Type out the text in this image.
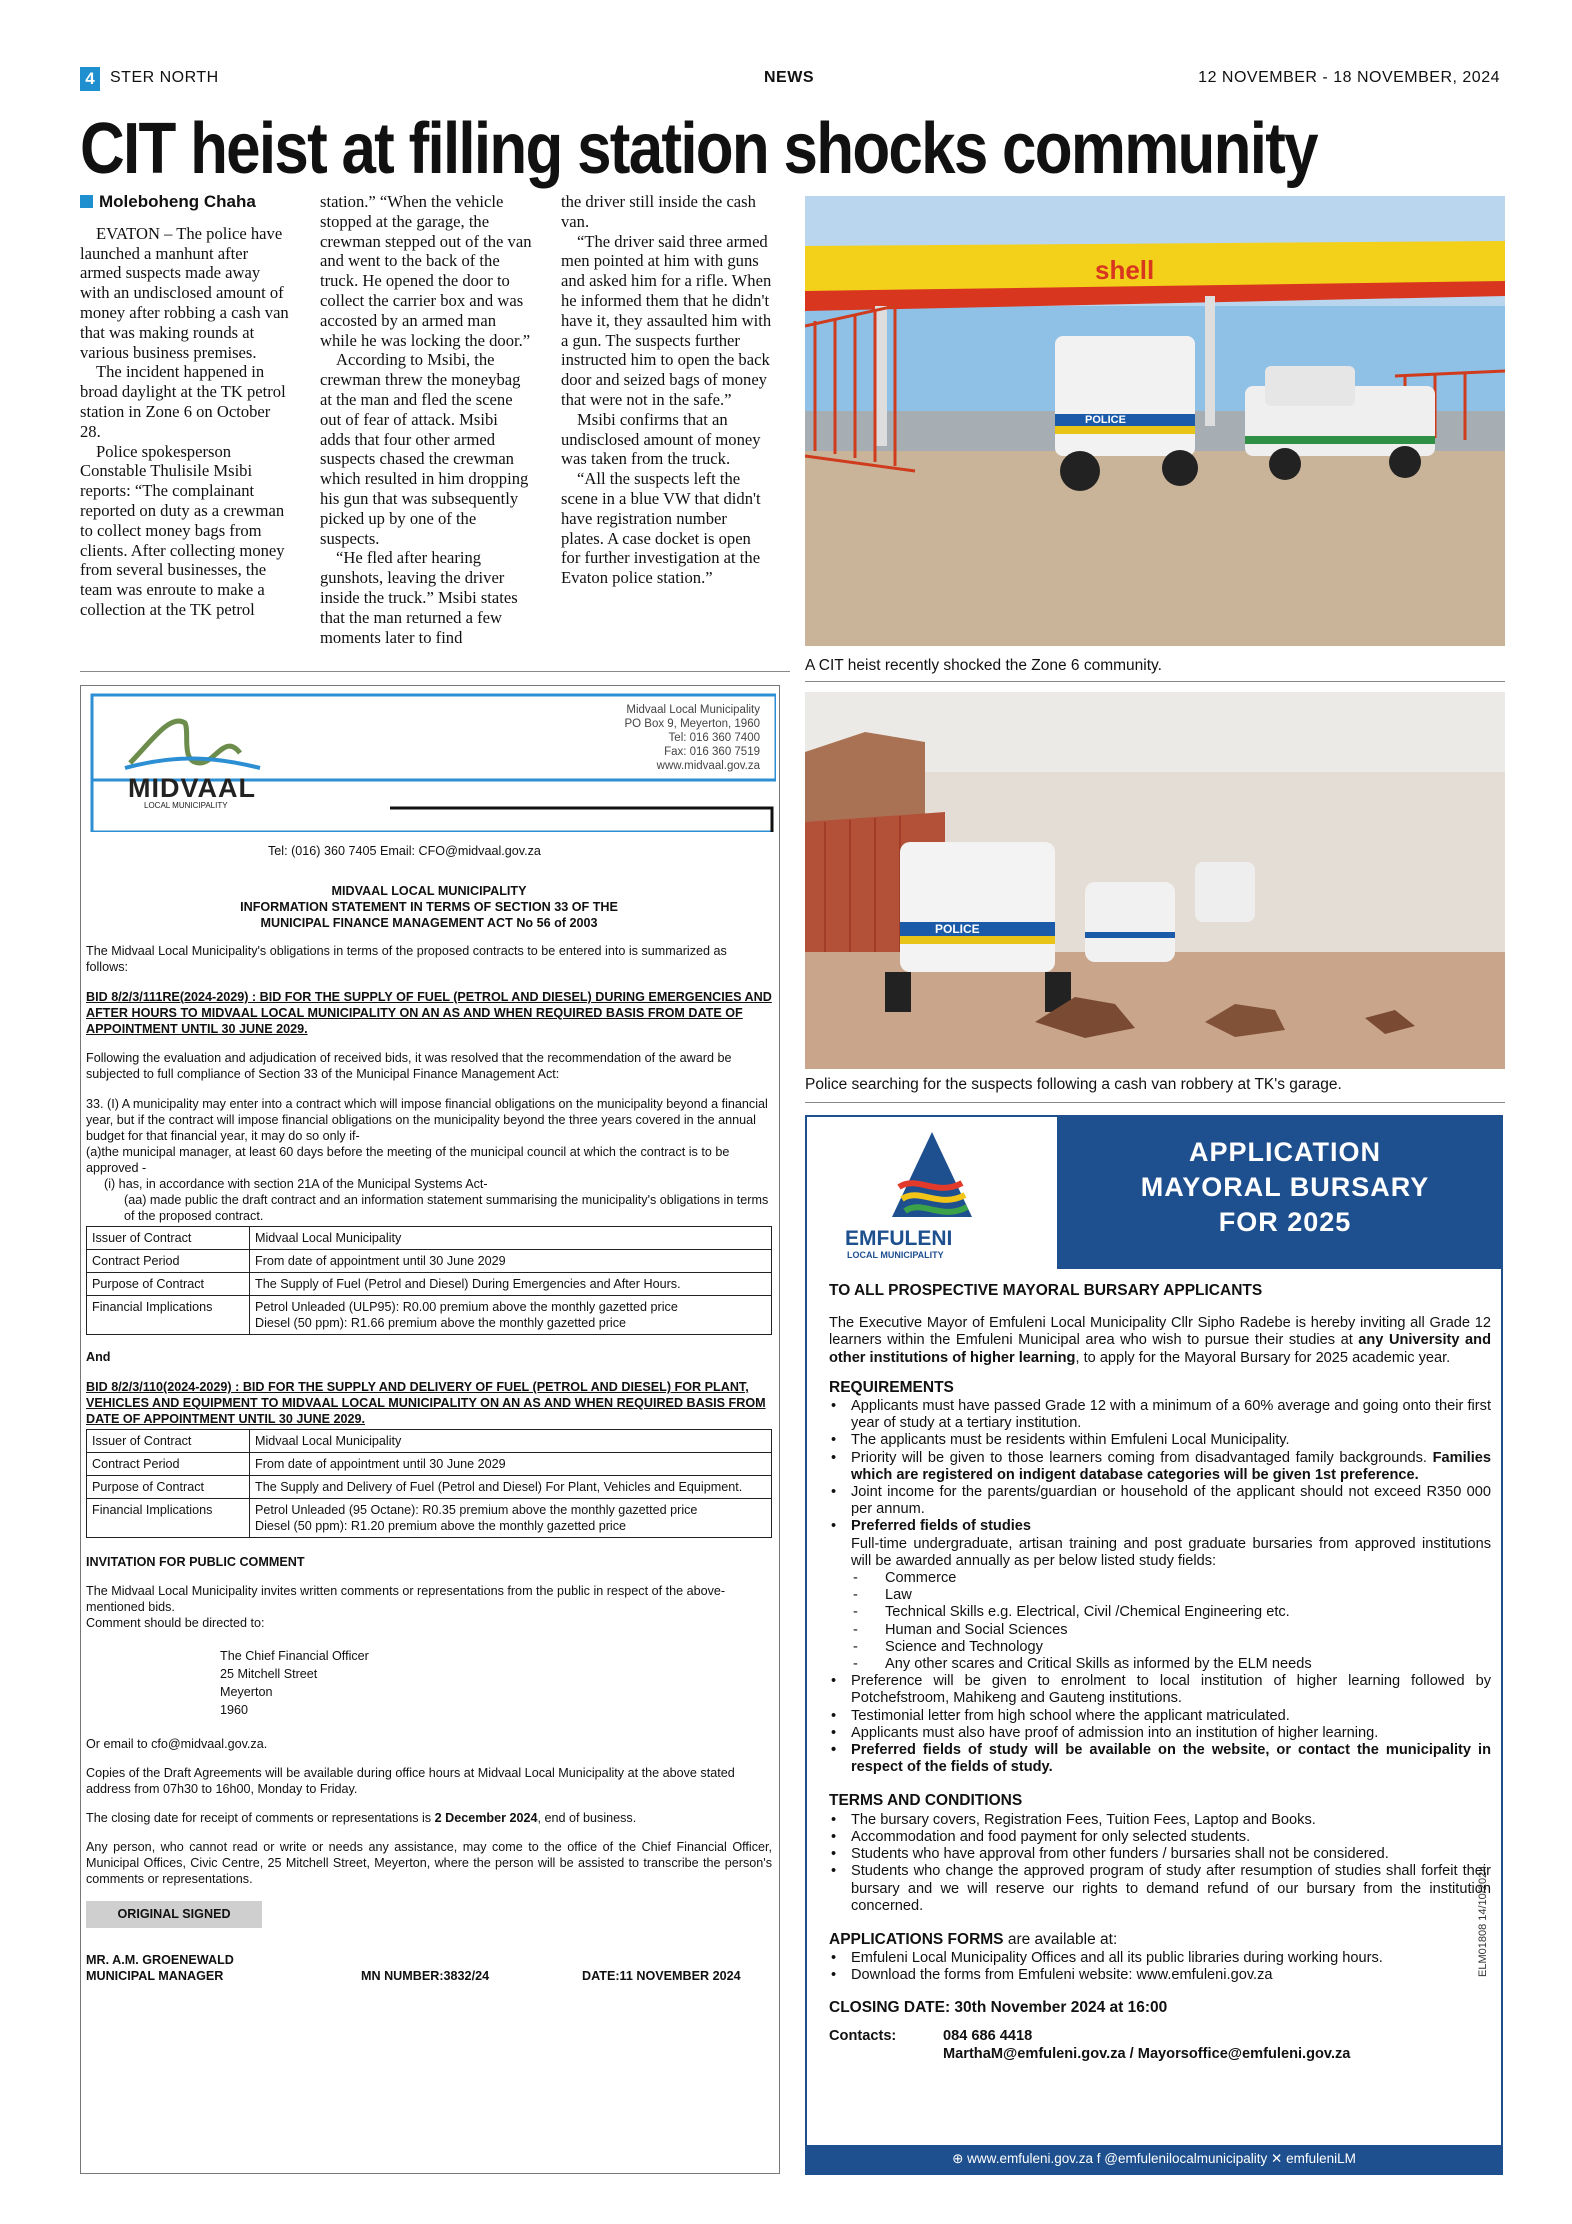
4 STER NORTH	NEWS	12 NOVEMBER - 18 NOVEMBER, 2024
CIT heist at filling station shocks community

Moleboheng Chaha

EVATON – The police have launched a manhunt after armed suspects made away with an undisclosed amount of money after robbing a cash van that was making rounds at various business premises.

The incident happened in broad daylight at the TK petrol station in Zone 6 on October 28.

Police spokesperson Constable Thulisile Msibi reports: “The complainant reported on duty as a crewman to collect money bags from clients. After collecting money from several businesses, the team was enroute to make a collection at the TK petrol

station.” “When the vehicle stopped at the garage, the crewman stepped out of the van and went to the back of the truck. He opened the door to collect the carrier box and was accosted by an armed man while he was locking the door.”

According to Msibi, the crewman threw the moneybag at the man and fled the scene out of fear of attack. Msibi adds that four other armed suspects chased the crewman which resulted in him dropping his gun that was subsequently picked up by one of the suspects.

“He fled after hearing gunshots, leaving the driver inside the truck.” Msibi states that the man returned a few moments later to find

the driver still inside the cash van.

“The driver said three armed men pointed at him with guns and asked him for a rifle. When he informed them that he didn't have it, they assaulted him with a gun. The suspects further instructed him to open the back door and seized bags of money that were not in the safe.”

Msibi confirms that an undisclosed amount of money was taken from the truck.

“All the suspects left the scene in a blue VW that didn't have registration number plates. A case docket is open for further investigation at the Evaton police station.”

shell
POLICE
A CIT heist recently shocked the Zone 6 community.
POLICE
Police searching for the suspects following a cash van robbery at TK's garage.
MIDVAAL
LOCAL MUNICIPALITY
Midvaal Local Municipality
PO Box 9, Meyerton, 1960
Tel: 016 360 7400
Fax: 016 360 7519
www.midvaal.gov.za
Tel: (016) 360 7405 Email: CFO@midvaal.gov.za
MIDVAAL LOCAL MUNICIPALITY
INFORMATION STATEMENT IN TERMS OF SECTION 33 OF THE
MUNICIPAL FINANCE MANAGEMENT ACT No 56 of 2003
The Midvaal Local Municipality's obligations in terms of the proposed contracts to be entered into is summarized as follows:
BID 8/2/3/111RE(2024-2029) : BID FOR THE SUPPLY OF FUEL (PETROL AND DIESEL) DURING EMERGENCIES AND AFTER HOURS TO MIDVAAL LOCAL MUNICIPALITY ON AN AS AND WHEN REQUIRED BASIS FROM DATE OF APPOINTMENT UNTIL 30 JUNE 2029.
Following the evaluation and adjudication of received bids, it was resolved that the recommendation of the award be subjected to full compliance of Section 33 of the Municipal Finance Management Act:
33. (I) A municipality may enter into a contract which will impose financial obligations on the municipality beyond a financial year, but if the contract will impose financial obligations on the municipality beyond the three years covered in the annual budget for that financial year, it may do so only if-
(a)the municipal manager, at least 60 days before the meeting of the municipal council at which the contract is to be approved -
(i) has, in accordance with section 21A of the Municipal Systems Act-
(aa) made public the draft contract and an information statement summarising the municipality's obligations in terms of the proposed contract.
Issuer of Contract	Midvaal Local Municipality
Contract Period	From date of appointment until 30 June 2029
Purpose of Contract	The Supply of Fuel (Petrol and Diesel) During Emergencies and After Hours.
Financial Implications	Petrol Unleaded (ULP95): R0.00 premium above the monthly gazetted price
Diesel (50 ppm): R1.66 premium above the monthly gazetted price
And
BID 8/2/3/110(2024-2029) : BID FOR THE SUPPLY AND DELIVERY OF FUEL (PETROL AND DIESEL) FOR PLANT, VEHICLES AND EQUIPMENT TO MIDVAAL LOCAL MUNICIPALITY ON AN AS AND WHEN REQUIRED BASIS FROM DATE OF APPOINTMENT UNTIL 30 JUNE 2029.
Issuer of Contract	Midvaal Local Municipality
Contract Period	From date of appointment until 30 June 2029
Purpose of Contract	The Supply and Delivery of Fuel (Petrol and Diesel) For Plant, Vehicles and Equipment.
Financial Implications	Petrol Unleaded (95 Octane): R0.35 premium above the monthly gazetted price
Diesel (50 ppm): R1.20 premium above the monthly gazetted price
INVITATION FOR PUBLIC COMMENT
The Midvaal Local Municipality invites written comments or representations from the public in respect of the above-mentioned bids.
Comment should be directed to:
The Chief Financial Officer
25 Mitchell Street
Meyerton
1960
Or email to cfo@midvaal.gov.za.
Copies of the Draft Agreements will be available during office hours at Midvaal Local Municipality at the above stated address from 07h30 to 16h00, Monday to Friday.
The closing date for receipt of comments or representations is 2 December 2024, end of business.
Any person, who cannot read or write or needs any assistance, may come to the office of the Chief Financial Officer, Municipal Offices, Civic Centre, 25 Mitchell Street, Meyerton, where the person will be assisted to transcribe the person's comments or representations.
ORIGINAL SIGNED
MR. A.M. GROENEWALD
MUNICIPAL MANAGER	MN NUMBER:3832/24	DATE:11 NOVEMBER 2024
EMFULENI
LOCAL MUNICIPALITY
APPLICATION
MAYORAL BURSARY
FOR 2025
TO ALL PROSPECTIVE MAYORAL BURSARY APPLICANTS
The Executive Mayor of Emfuleni Local Municipality Cllr Sipho Radebe is hereby inviting all Grade 12 learners within the Emfuleni Municipal area who wish to pursue their studies at any University and other institutions of higher learning, to apply for the Mayoral Bursary for 2025 academic year.
REQUIREMENTS
• Applicants must have passed Grade 12 with a minimum of a 60% average and going onto their first year of study at a tertiary institution.
• The applicants must be residents within Emfuleni Local Municipality.
• Priority will be given to those learners coming from disadvantaged family backgrounds. Families which are registered on indigent database categories will be given 1st preference.
• Joint income for the parents/guardian or household of the applicant should not exceed R350 000 per annum.
• Preferred fields of studies
Full-time undergraduate, artisan training and post graduate bursaries from approved institutions will be awarded annually as per below listed study fields:
- Commerce
- Law
- Technical Skills e.g. Electrical, Civil /Chemical Engineering etc.
- Human and Social Sciences
- Science and Technology
- Any other scares and Critical Skills as informed by the ELM needs
• Preference will be given to enrolment to local institution of higher learning followed by Potchefstroom, Mahikeng and Gauteng institutions.
• Testimonial letter from high school where the applicant matriculated.
• Applicants must also have proof of admission into an institution of higher learning.
• Preferred fields of study will be available on the website, or contact the municipality in respect of the fields of study.
TERMS AND CONDITIONS
• The bursary covers, Registration Fees, Tuition Fees, Laptop and Books.
• Accommodation and food payment for only selected students.
• Students who have approval from other funders / bursaries shall not be considered.
• Students who change the approved program of study after resumption of studies shall forfeit their bursary and we will reserve our rights to demand refund of our bursary from the institution concerned.
APPLICATIONS FORMS are available at:
• Emfuleni Local Municipality Offices and all its public libraries during working hours.
• Download the forms from Emfuleni website: www.emfuleni.gov.za
CLOSING DATE: 30th November 2024 at 16:00
Contacts:	084 686 4418
MarthaM@emfuleni.gov.za / Mayorsoffice@emfuleni.gov.za
ELM01808 14/10/2024
⊕ www.emfuleni.gov.za f @emfulenilocalmunicipality ✕ emfuleniLM
